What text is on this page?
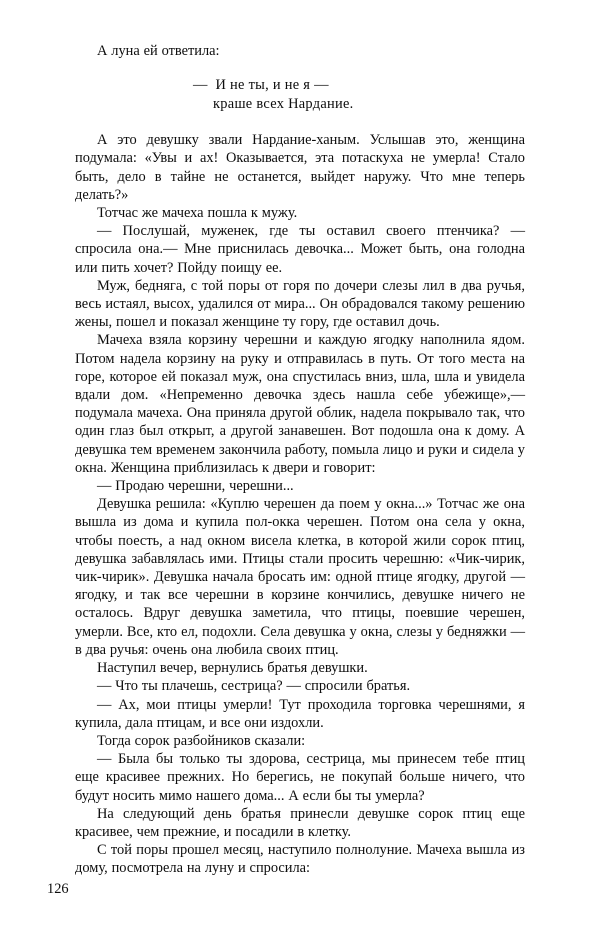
А луна ей ответила:

—  И не ты, и не я —

краше всех Нардание.

А это девушку звали Нардание-ханым. Услышав это, женщина подумала: «Увы и ах! Оказывается, эта потаскуха не умерла! Стало быть, дело в тайне не останется, выйдет наружу. Что мне теперь делать?»

Тотчас же мачеха пошла к мужу.

— Послушай, муженек, где ты оставил своего птенчика? — спросила она.— Мне приснилась девочка... Может быть, она голодна или пить хочет? Пойду поищу ее.

Муж, бедняга, с той поры от горя по дочери слезы лил в два ручья, весь истаял, высох, удалился от мира... Он обрадовался такому решению жены, пошел и показал женщине ту гору, где оставил дочь.

Мачеха взяла корзину черешни и каждую ягодку наполнила ядом. Потом надела корзину на руку и отправилась в путь. От того места на горе, которое ей показал муж, она спустилась вниз, шла, шла и увидела вдали дом. «Непременно девочка здесь нашла себе убежище»,— подумала мачеха. Она приняла другой облик, надела покрывало так, что один глаз был открыт, а другой занавешен. Вот подошла она к дому. А девушка тем временем закончила работу, помыла лицо и руки и сидела у окна. Женщина приблизилась к двери и говорит:

— Продаю черешни, черешни...

Девушка решила: «Куплю черешен да поем у окна...» Тотчас же она вышла из дома и купила пол-окка черешен. Потом она села у окна, чтобы поесть, а над окном висела клетка, в которой жили сорок птиц, девушка забавлялась ими. Птицы стали просить черешню: «Чик-чирик, чик-чирик». Девушка начала бросать им: одной птице ягодку, другой — ягодку, и так все черешни в корзине кончились, девушке ничего не осталось. Вдруг девушка заметила, что птицы, поевшие черешен, умерли. Все, кто ел, подохли. Села девушка у окна, слезы у бедняжки — в два ручья: очень она любила своих птиц.

Наступил вечер, вернулись братья девушки.

— Что ты плачешь, сестрица? — спросили братья.

— Ах, мои птицы умерли! Тут проходила торговка черешнями, я купила, дала птицам, и все они издохли.

Тогда сорок разбойников сказали:

— Была бы только ты здорова, сестрица, мы принесем тебе птиц еще красивее прежних. Но берегись, не покупай больше ничего, что будут носить мимо нашего дома... А если бы ты умерла?

На следующий день братья принесли девушке сорок птиц еще красивее, чем прежние, и посадили в клетку.

С той поры прошел месяц, наступило полнолуние. Мачеха вышла из дому, посмотрела на луну и спросила:

126
